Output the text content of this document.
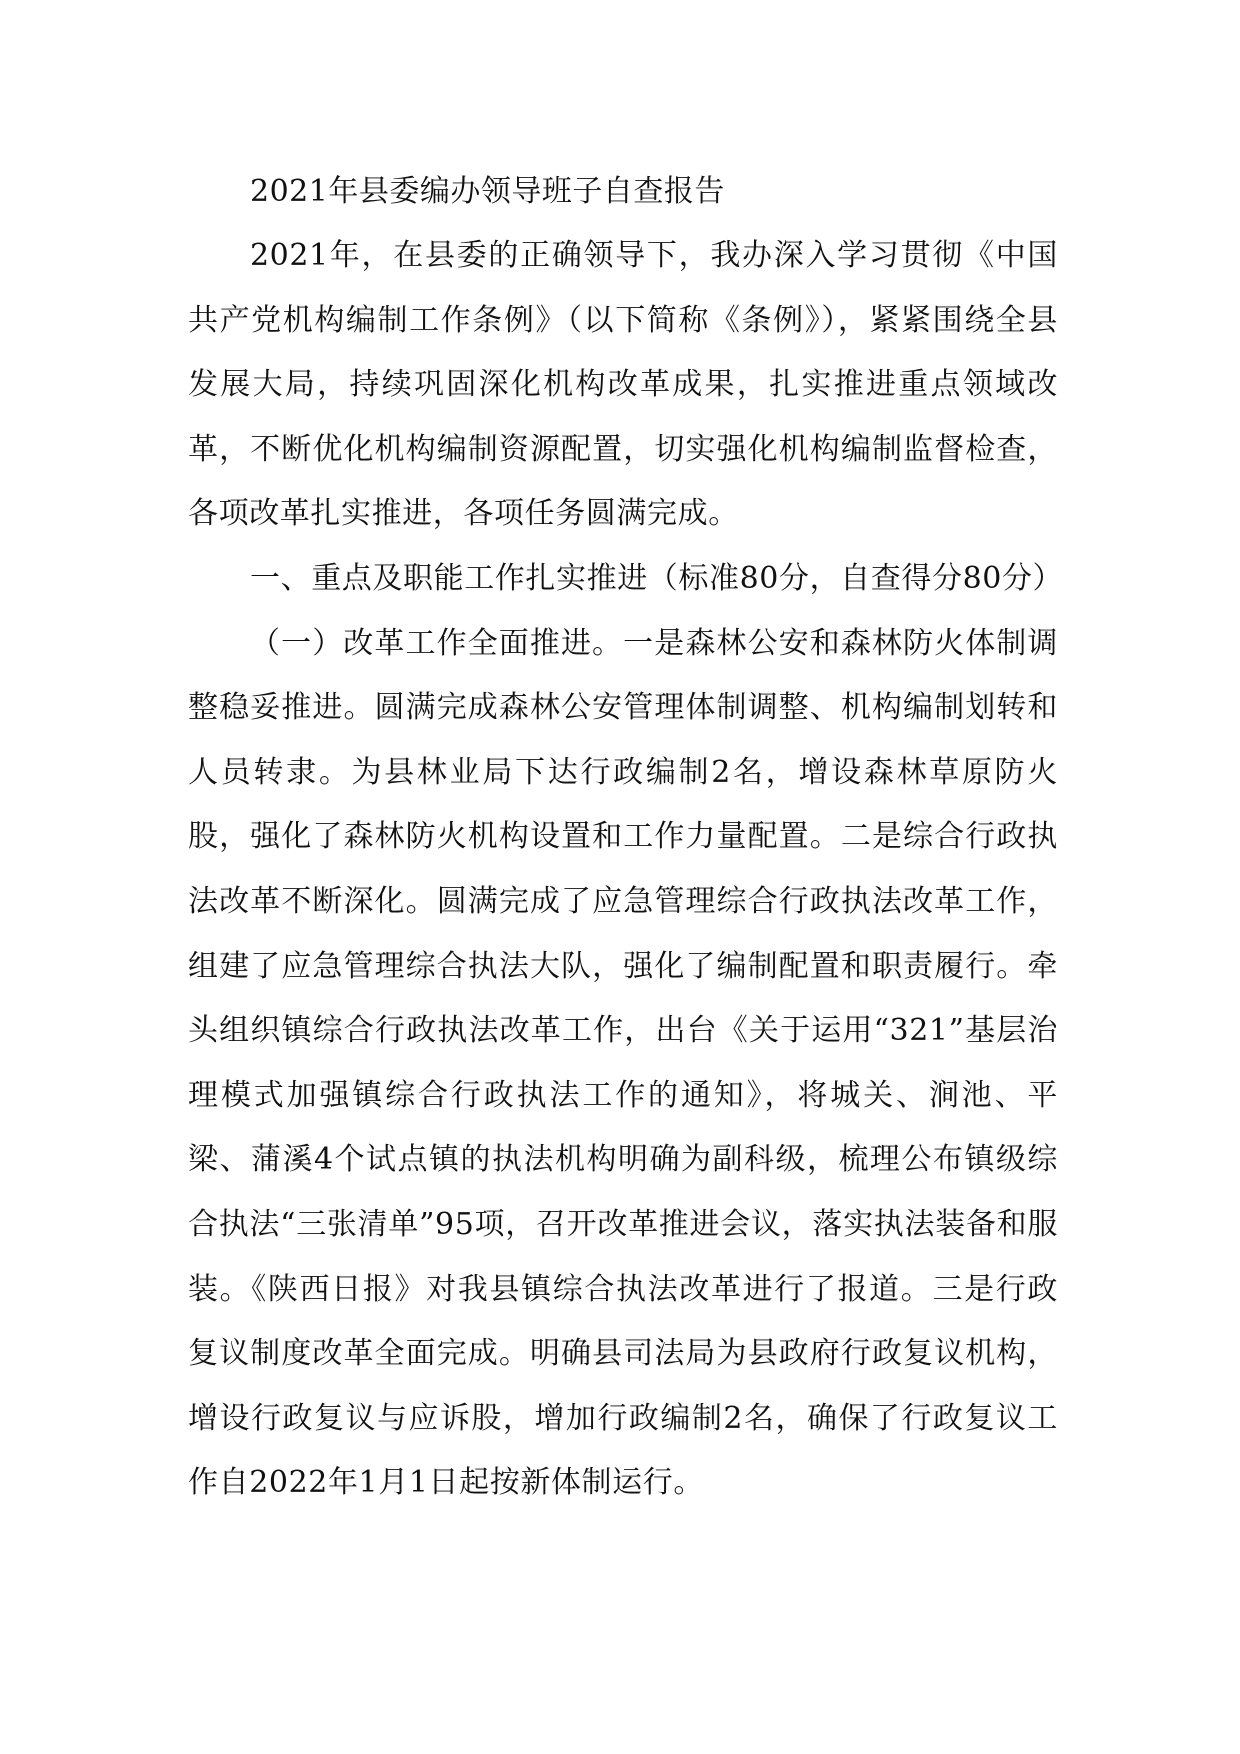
2021年县委编办领导班子自查报告

2021年，在县委的正确领导下，我办深入学习贯彻《中国共产党机构编制工作条例》（以下简称《条例》），紧紧围绕全县发展大局，持续巩固深化机构改革成果，扎实推进重点领域改革，不断优化机构编制资源配置，切实强化机构编制监督检查，各项改革扎实推进，各项任务圆满完成。

一、重点及职能工作扎实推进（标准80分，自查得分80分）

（一）改革工作全面推进。一是森林公安和森林防火体制调整稳妥推进。圆满完成森林公安管理体制调整、机构编制划转和人员转隶。为县林业局下达行政编制2名，增设森林草原防火股，强化了森林防火机构设置和工作力量配置。二是综合行政执法改革不断深化。圆满完成了应急管理综合行政执法改革工作，组建了应急管理综合执法大队，强化了编制配置和职责履行。牵头组织镇综合行政执法改革工作，出台《关于运用“321”基层治理模式加强镇综合行政执法工作的通知》，将城关、涧池、平梁、蒲溪4个试点镇的执法机构明确为副科级，梳理公布镇级综合执法“三张清单”95项，召开改革推进会议，落实执法装备和服装。《陕西日报》对我县镇综合执法改革进行了报道。三是行政复议制度改革全面完成。明确县司法局为县政府行政复议机构，增设行政复议与应诉股，增加行政编制2名，确保了行政复议工作自2022年1月1日起按新体制运行。
